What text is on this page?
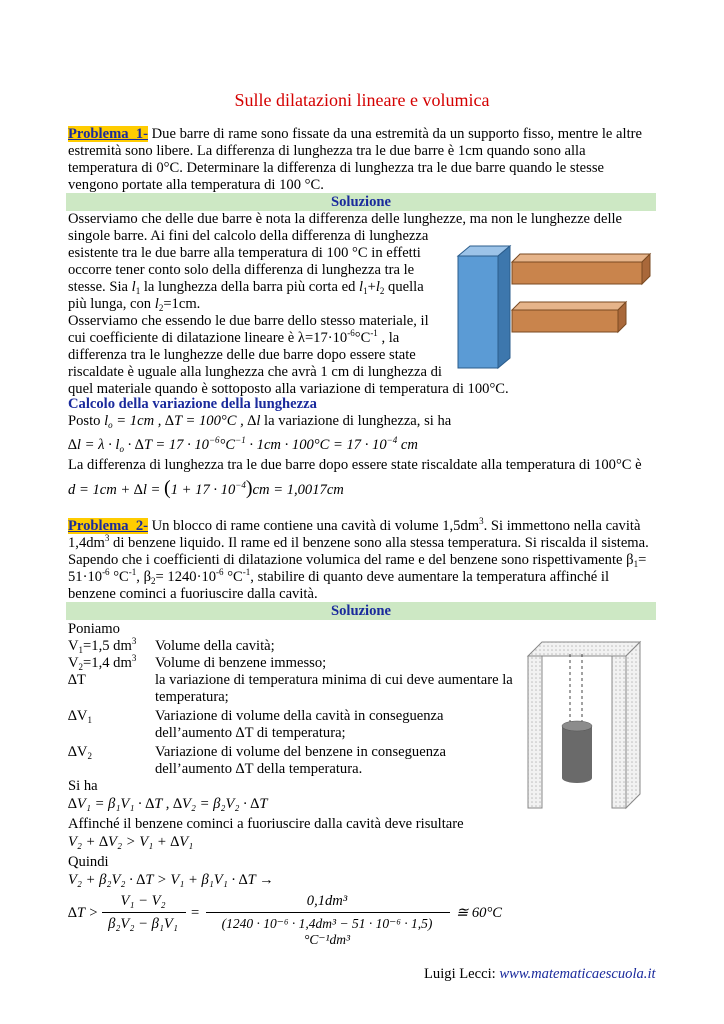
Sulle dilatazioni lineare e volumica
Problema_1- Due barre di rame sono fissate da una estremità da un supporto fisso, mentre le altre
estremità sono libere. La differenza di lunghezza tra le due barre è 1cm quando sono alla
temperatura di 0°C. Determinare la differenza di lunghezza tra le due barre quando le stesse
vengono portate alla temperatura di 100 °C.
Soluzione
Osserviamo che delle due barre è nota la differenza delle lunghezze, ma non le lunghezze delle
singole barre. Ai fini del calcolo della differenza di lunghezza
esistente tra le due barre alla temperatura di 100 °C in effetti
occorre tener conto solo della differenza di lunghezza tra le
stesse. Sia $l_1$ la lunghezza della barra più corta ed $l_1+l_2$ quella
più lunga, con $l_2=1cm$.
Osserviamo che essendo le due barre dello stesso materiale, il
cui coefficiente di dilatazione lineare è $\lambda=17\cdot 10^{-6}^\circ C^{-1}$ , la
differenza tra le lunghezze delle due barre dopo essere state
riscaldate è uguale alla lunghezza che avrà 1 cm di lunghezza di
quel materiale quando è sottoposto alla variazione di temperatura di 100°C.
Calcolo della variazione della lunghezza
Posto $l_o = 1cm$ , ∆T = 100°C , ∆l la variazione di lunghezza, si ha
$\Delta l = \lambda \cdot l_o \cdot \Delta T = 17 \cdot 10^{-6}^\circ C^{-1} \cdot 1cm \cdot 100^\circ C = 17 \cdot 10^{-4}$ cm
La differenza di lunghezza tra le due barre dopo essere state riscaldate alla temperatura di 100°C è
$d = 1cm + \Delta l = (1 + 17 \cdot 10^{-4})cm = 1,0017cm$
Problema_2- Un blocco di rame contiene una cavità di volume $1,5dm^3$. Si immettono nella cavità
$1,4dm^3$ di benzene liquido. Il rame ed il benzene sono alla stessa temperatura. Si riscalda il sistema.
Sapendo che i coefficienti di dilatazione volumica del rame e del benzene sono rispettivamente $\beta_1=$
$51\cdot 10^{-6}$ $^\circ C^{-1}$, $\beta_2= 1240\cdot 10^{-6}$ $^\circ C^{-1}$, stabilire di quanto deve aumentare la temperatura affinché il
benzene cominci a fuoriuscire dalla cavità.
Soluzione
Poniamo
$V_1=1,5$ $dm^3$ Volume della cavità;
$V_2=1,4$ $dm^3$ Volume di benzene immesso;
∆T	la variazione di temperatura minima di cui deve aumentare la
temperatura;
$\Delta V_1$	Variazione di volume della cavità in conseguenza
dell’aumento ∆T di temperatura;
$\Delta V_2$	Variazione di volume del benzene in conseguenza
dell’aumento ∆T della temperatura.
Si ha
∆V₁ = β₁V₁ · ∆T , ∆V₂ = β₂V₂ · ∆T
Affinché il benzene cominci a fuoriuscire dalla cavità deve risultare
V₂ + ∆V₂ > V₁ + ∆V₁
Quindi
V₂ + β₂V₂ · ∆T > V₁ + β₁V₁ · ∆T →
∆T >
V₁ − V₂
β₂V₂ − β₁V₁
=
0,1dm³
(1240 · 10⁻⁶ · 1,4dm³ − 51 · 10⁻⁶ · 1,5) °C⁻¹dm³
≅ 60°C
Luigi Lecci: www.matematicaescuola.it
